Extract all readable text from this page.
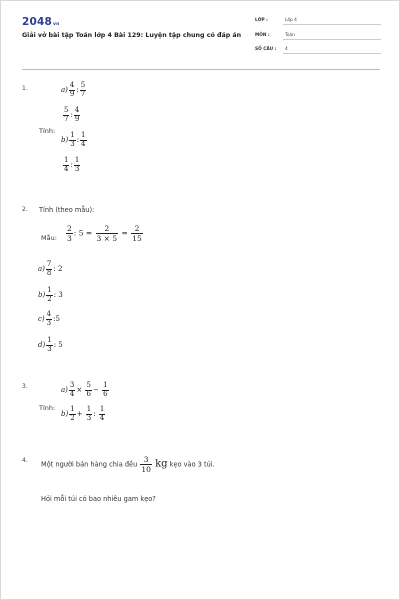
2048vn
Giải vở bài tập Toán lớp 4 Bài 129: Luyện tập chung có đáp án
LỚP :	Lớp 4
MÔN :	Toán
SỐ CÂU : 4
1.	$a) \frac{4}{9}$ : $\frac{5}{7}$
$\frac{5}{7}$ : $\frac{4}{9}$
Tính:
$b) \frac{1}{3}$ : $\frac{1}{4}$
$\frac{1}{4}$ : $\frac{1}{3}$
2. Tính (theo mẫu):
Mẫu: $\frac{2}{3}$ : $5 = \frac{2}{3 \times 5} = \frac{2}{15}$
$a) \frac{7}{8}$ : 2
$b) \frac{1}{2}$ : 3
$c) \frac{4}{3}$ :5
$d) \frac{1}{3}$ : 5
3.	$a) \frac{3}{4} \times \frac{5}{6} - \frac{1}{6}$
Tính:
$b) \frac{1}{2} + \frac{1}{3}$ : $\frac{1}{4}$
4. Một người bán hàng chia đều $\frac{3}{10}$ kg kẹo vào 3 túi.
Hỏi mỗi túi có bao nhiêu gam kẹo?
